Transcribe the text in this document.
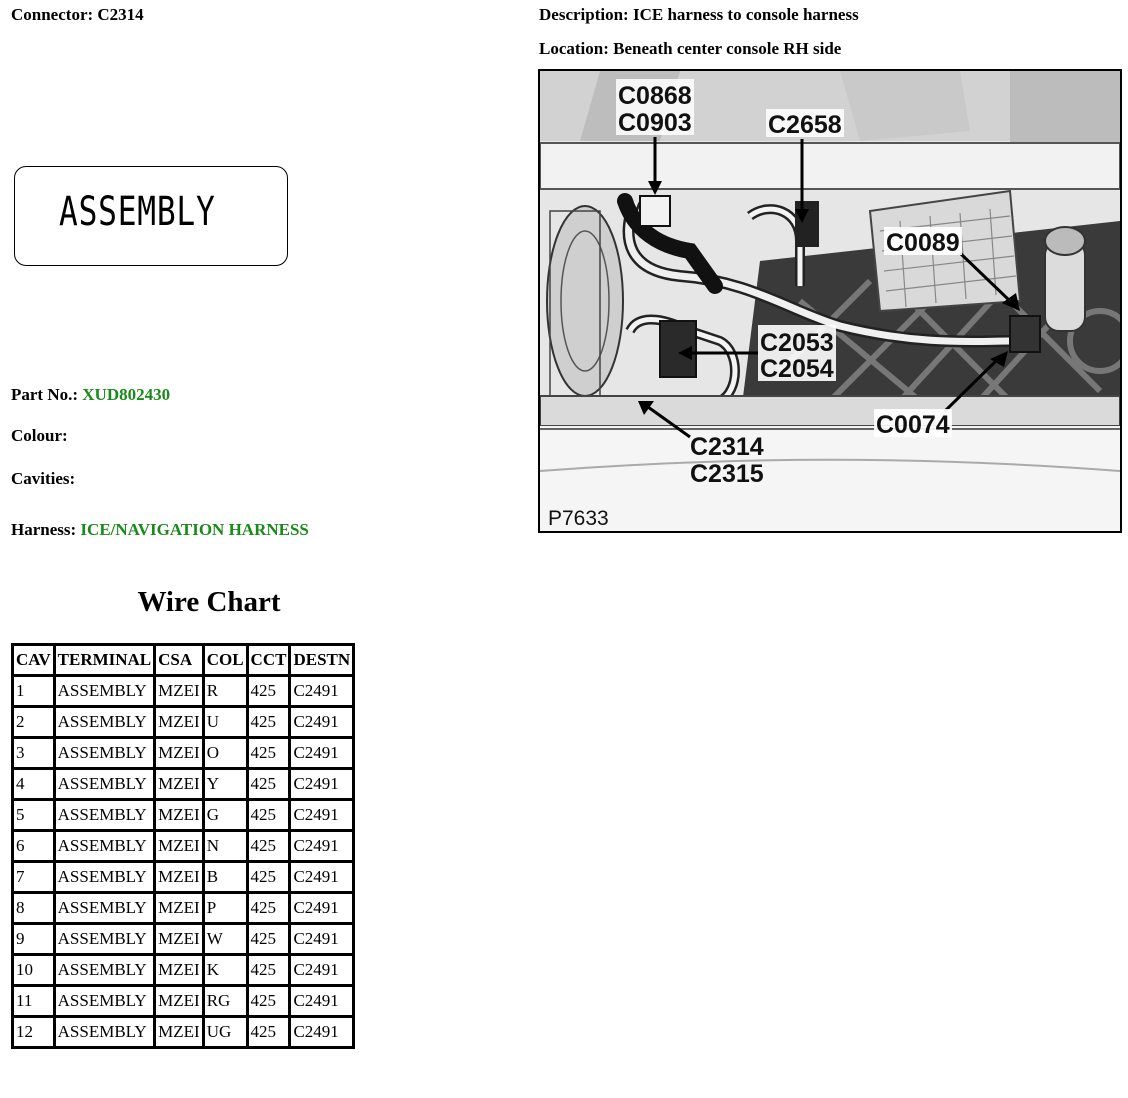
Connector: C2314	Description: ICE harness to console harness
Location: Beneath center console RH side
ASSEMBLY
Part No.: XUD802430
Colour:
Cavities:
Harness: ICE/NAVIGATION HARNESS
Wire Chart
CAV	TERMINAL	CSA	COL	CCT	DESTN
1	ASSEMBLY	MZEI	R	425	C2491
2	ASSEMBLY	MZEI	U	425	C2491
3	ASSEMBLY	MZEI	O	425	C2491
4	ASSEMBLY	MZEI	Y	425	C2491
5	ASSEMBLY	MZEI	G	425	C2491
6	ASSEMBLY	MZEI	N	425	C2491
7	ASSEMBLY	MZEI	B	425	C2491
8	ASSEMBLY	MZEI	P	425	C2491
9	ASSEMBLY	MZEI	W	425	C2491
10	ASSEMBLY	MZEI	K	425	C2491
11	ASSEMBLY	MZEI	RG	425	C2491
12	ASSEMBLY	MZEI	UG	425	C2491
C0868
C0903	C2658
C0089
C2053
C2054
C0074
C2314
C2315
P7633
